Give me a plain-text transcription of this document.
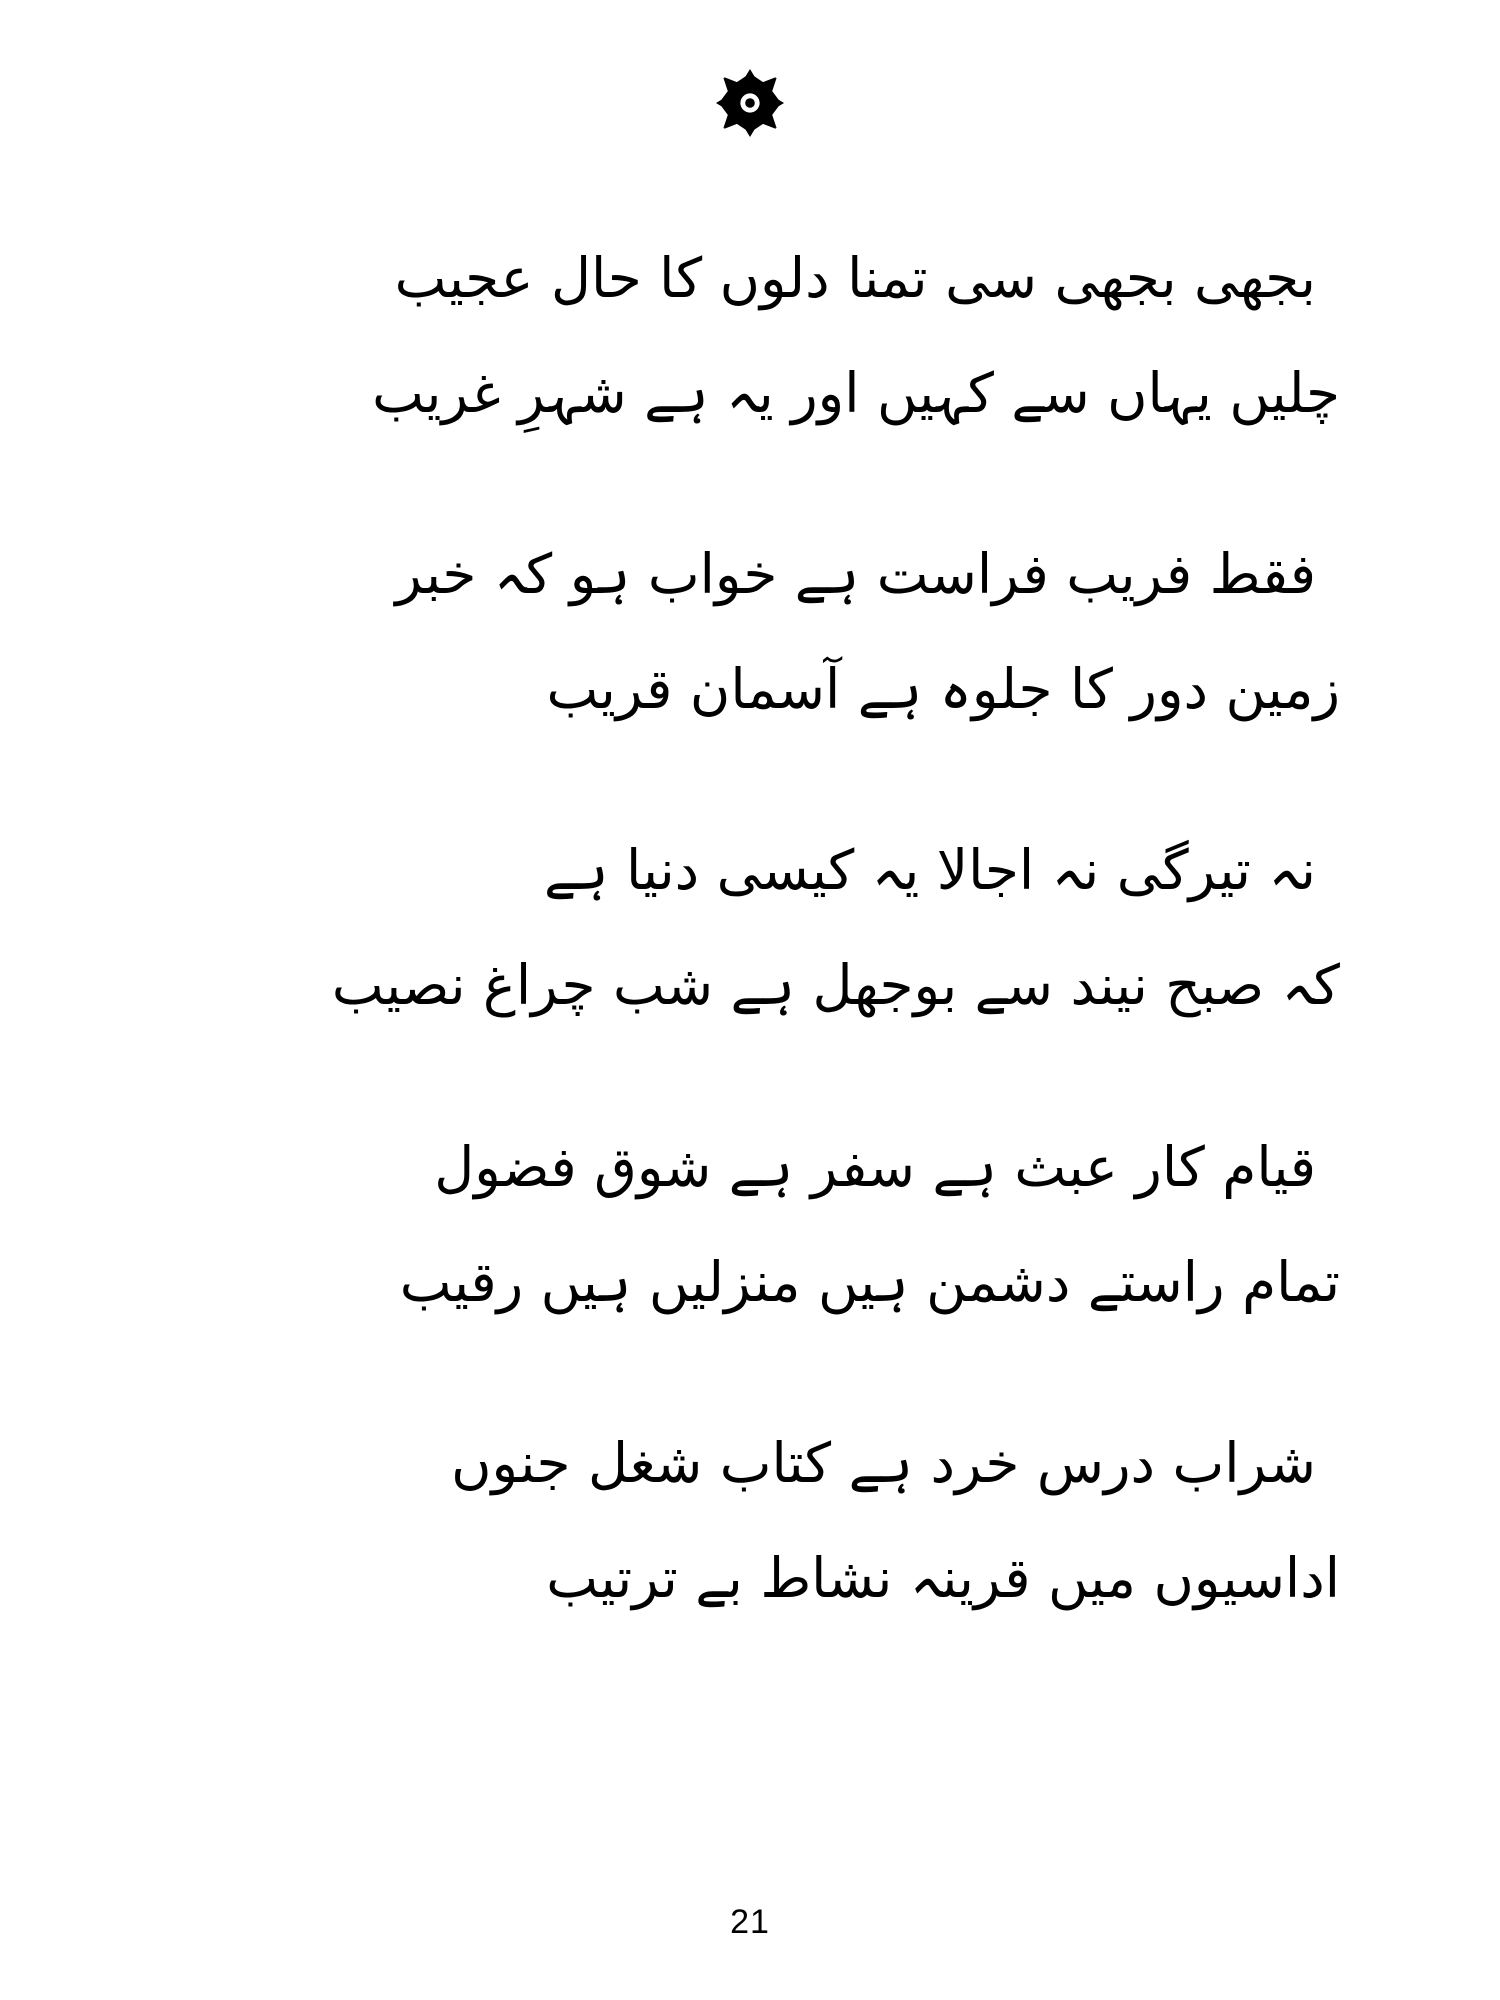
بجھی بجھی سی تمنا دلوں کا حال عجیب
چلیں یہاں سے کہیں اور یہ ہے شہرِ غریب
فقط فریب فراست ہے خواب ہو کہ خبر
زمین دور کا جلوہ ہے آسمان قریب
نہ تیرگی نہ اجالا یہ کیسی دنیا ہے
کہ صبح نیند سے بوجھل ہے شب چراغ نصیب
قیام کار عبث ہے سفر ہے شوق فضول
تمام راستے دشمن ہیں منزلیں ہیں رقیب
شراب درس خرد ہے کتاب شغل جنوں
اداسیوں میں قرینہ نشاط بے ترتیب
21
